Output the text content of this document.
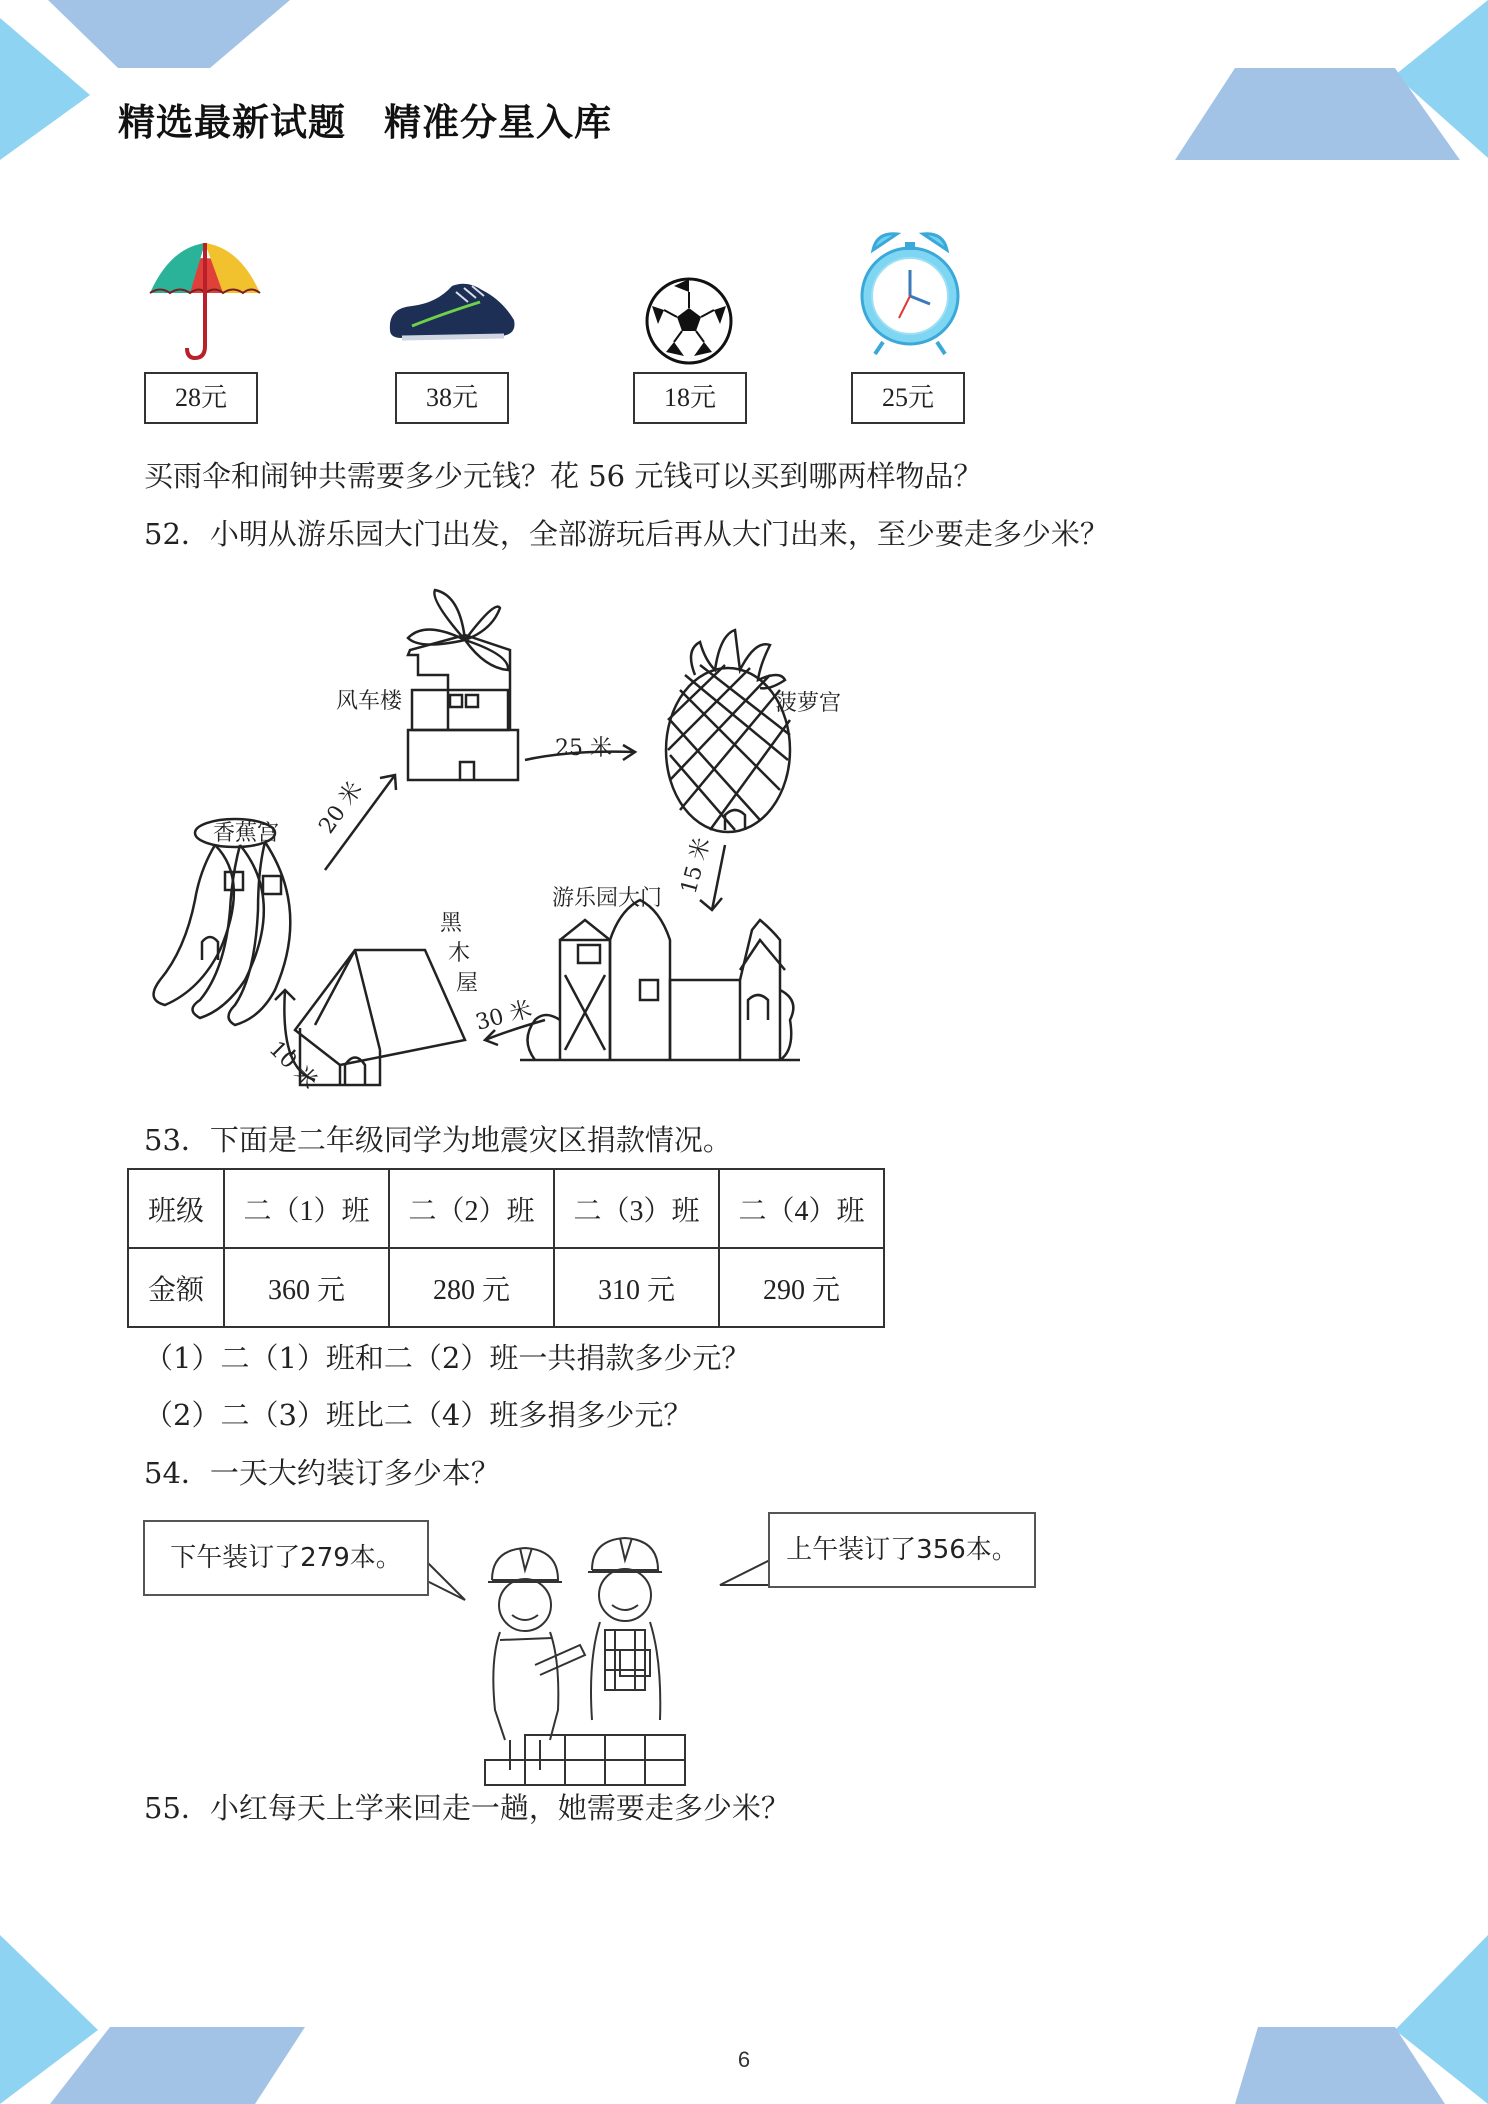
精选最新试题　精准分星入库
28元	38元	18元	25元
买雨伞和闹钟共需要多少元钱？花 56 元钱可以买到哪两样物品？
52．小明从游乐园大门出发，全部游玩后再从大门出来，至少要走多少米？
风车楼	菠萝宫
香蕉宫
游乐园大门
黑
木
屋
20 米
25 米
15 米
30 米
10 米
53．下面是二年级同学为地震灾区捐款情况。
班级	二（1）班	二（2）班	二（3）班	二（4）班
金额	360 元	280 元	310 元	290 元
（1）二（1）班和二（2）班一共捐款多少元？
（2）二（3）班比二（4）班多捐多少元？
54．一天大约装订多少本？
下午装订了279本。	上午装订了356本。
55．小红每天上学来回走一趟，她需要走多少米？
6
